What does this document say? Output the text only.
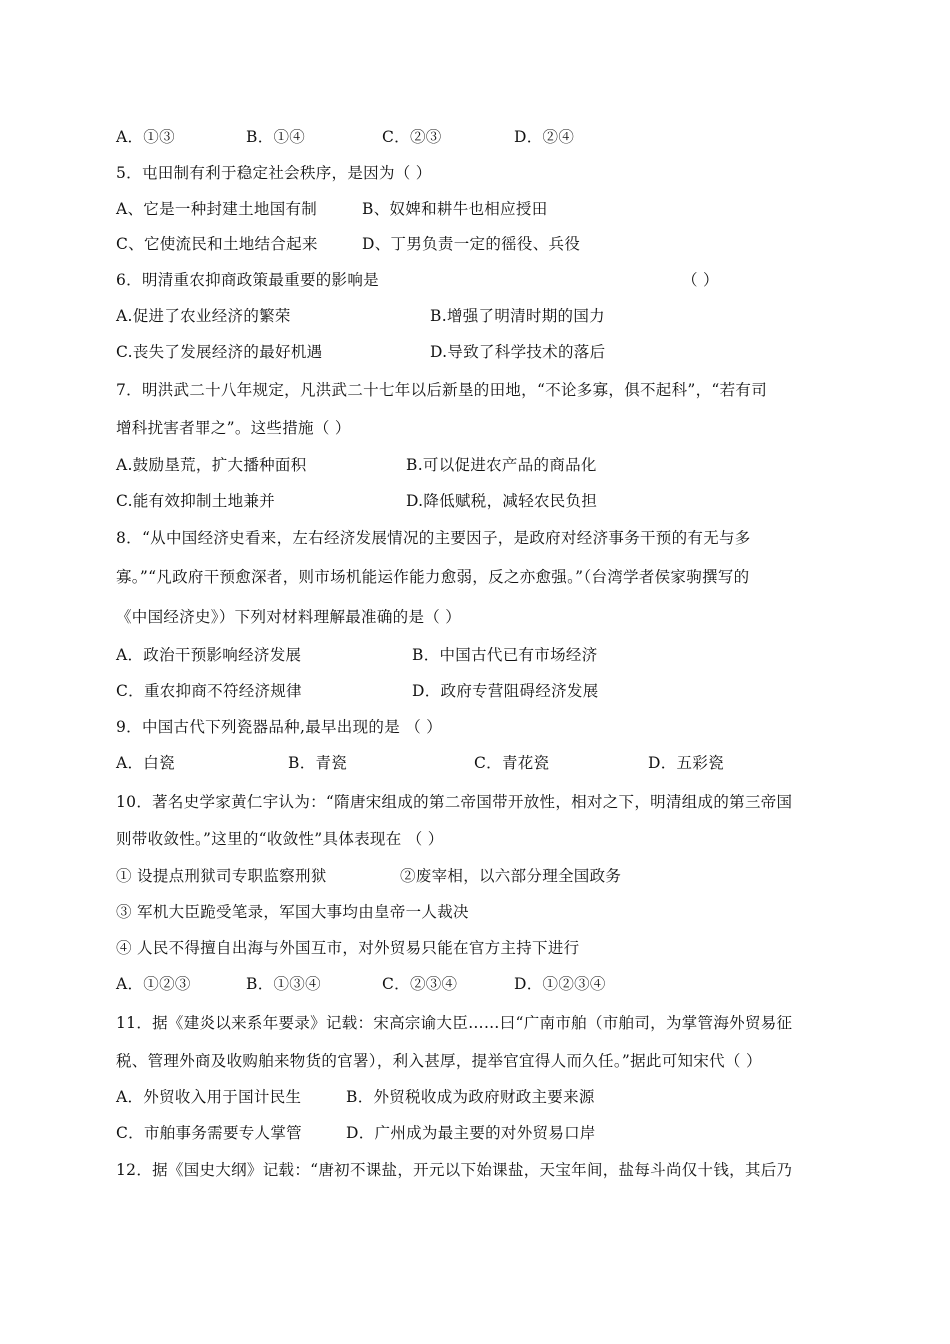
A．①③	B．①④	C．②③	D．②④
5．屯田制有利于稳定社会秩序，是因为（ ）
A、它是一种封建土地国有制	B、奴婢和耕牛也相应授田
C、它使流民和土地结合起来	D、丁男负责一定的徭役、兵役
6．明清重农抑商政策最重要的影响是	（ ）
A.促进了农业经济的繁荣	B.增强了明清时期的国力
C.丧失了发展经济的最好机遇	D.导致了科学技术的落后
7．明洪武二十八年规定，凡洪武二十七年以后新垦的田地，“不论多寡，俱不起科”，“若有司
增科扰害者罪之”。这些措施（ ）
A.鼓励垦荒，扩大播种面积	B.可以促进农产品的商品化
C.能有效抑制土地兼并	D.降低赋税，减轻农民负担
8．“从中国经济史看来，左右经济发展情况的主要因子，是政府对经济事务干预的有无与多
寡。”“凡政府干预愈深者，则市场机能运作能力愈弱，反之亦愈强。”（台湾学者侯家驹撰写的
《中国经济史》）下列对材料理解最准确的是（ ）
A．政治干预影响经济发展	B．中国古代已有市场经济
C．重农抑商不符经济规律	D．政府专营阻碍经济发展
9．中国古代下列瓷器品种,最早出现的是 （ ）
A．白瓷	B．青瓷	C．青花瓷	D．五彩瓷
10．著名史学家黄仁宇认为：“隋唐宋组成的第二帝国带开放性，相对之下，明清组成的第三帝国
则带收敛性。”这里的“收敛性”具体表现在 （ ）
① 设提点刑狱司专职监察刑狱	②废宰相，以六部分理全国政务
③ 军机大臣跪受笔录，军国大事均由皇帝一人裁决
④ 人民不得擅自出海与外国互市，对外贸易只能在官方主持下进行
A．①②③	B．①③④	C．②③④	D．①②③④
11．据《建炎以来系年要录》记载：宋高宗谕大臣……曰“广南市舶（市舶司，为掌管海外贸易征
税、管理外商及收购舶来物货的官署），利入甚厚，提举官宜得人而久任。”据此可知宋代（ ）
A．外贸收入用于国计民生	B．外贸税收成为政府财政主要来源
C．市舶事务需要专人掌管	D．广州成为最主要的对外贸易口岸
12．据《国史大纲》记载：“唐初不课盐，开元以下始课盐，天宝年间，盐每斗尚仅十钱，其后乃
